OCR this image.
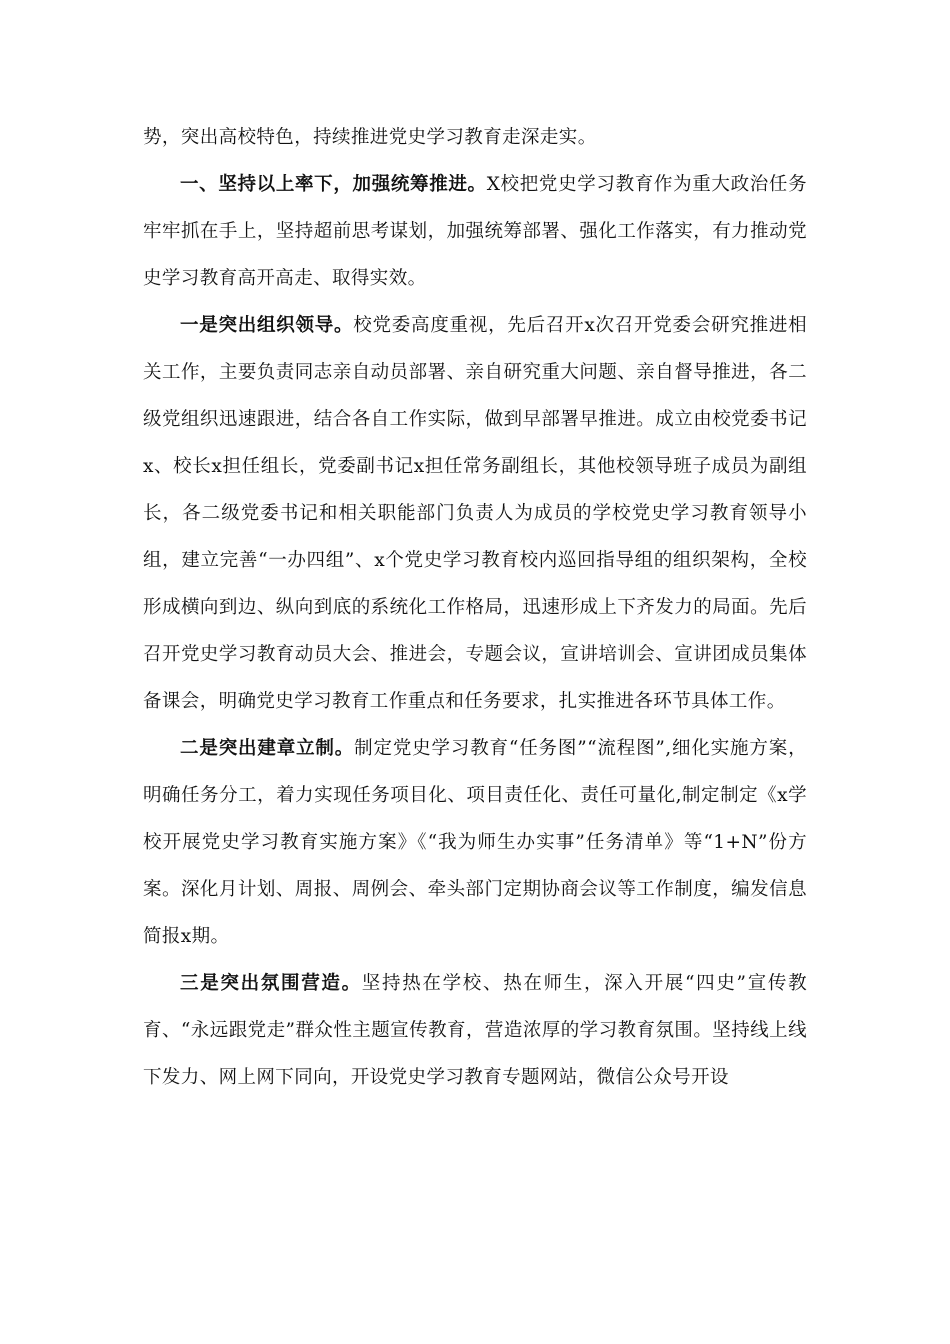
势，突出高校特色，持续推进党史学习教育走深走实。

一、坚持以上率下，加强统筹推进。X校把党史学习教育作为重大政治任务牢牢抓在手上，坚持超前思考谋划，加强统筹部署、强化工作落实，有力推动党史学习教育高开高走、取得实效。

一是突出组织领导。校党委高度重视，先后召开x次召开党委会研究推进相关工作，主要负责同志亲自动员部署、亲自研究重大问题、亲自督导推进，各二级党组织迅速跟进，结合各自工作实际，做到早部署早推进。成立由校党委书记x、校长x担任组长，党委副书记x担任常务副组长，其他校领导班子成员为副组长，各二级党委书记和相关职能部门负责人为成员的学校党史学习教育领导小组，建立完善“一办四组”、x个党史学习教育校内巡回指导组的组织架构，全校形成横向到边、纵向到底的系统化工作格局，迅速形成上下齐发力的局面。先后召开党史学习教育动员大会、推进会，专题会议，宣讲培训会、宣讲团成员集体备课会，明确党史学习教育工作重点和任务要求，扎实推进各环节具体工作。

二是突出建章立制。制定党史学习教育“任务图”“流程图”,细化实施方案，明确任务分工，着力实现任务项目化、项目责任化、责任可量化,制定制定《x学校开展党史学习教育实施方案》《“我为师生办实事”任务清单》等“1+N”份方案。深化月计划、周报、周例会、牵头部门定期协商会议等工作制度，编发信息简报x期。

三是突出氛围营造。坚持热在学校、热在师生，深入开展“四史”宣传教育、“永远跟党走”群众性主题宣传教育，营造浓厚的学习教育氛围。坚持线上线下发力、网上网下同向，开设党史学习教育专题网站，微信公众号开设
